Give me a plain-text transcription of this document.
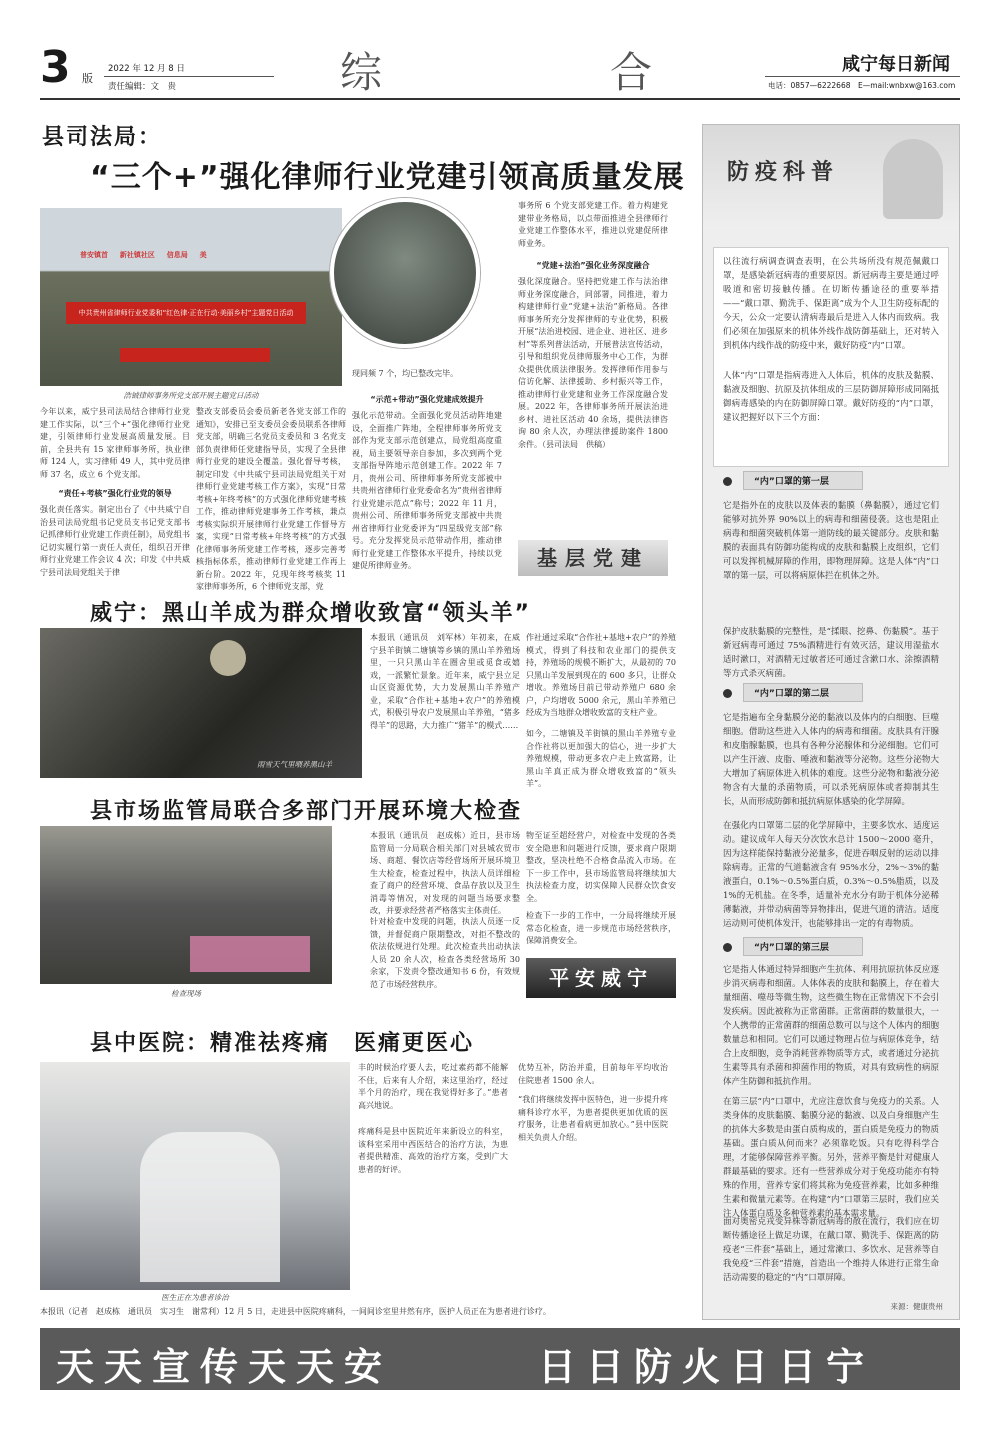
3 版
2022 年 12 月 8 日
责任编辑：文　贵	综	合	咸宁每日新闻
电话：0857—6222668　E—mail:wnbxw@163.com
县司法局：
“三个+”强化律师行业党建引领高质量发展
普安镇首 　 新社镇社区 　 信息局 　 美
中共贵州省律师行业党委和“红色律·正在行动·美丽乡村”主题党日活动
浩钺律师事务所党支部开展主题党日活动
今年以来，威宁县司法局结合律师行业党建工作实际，以“三个+”强化律师行业党建，引领律师行业发展高质量发展。目前，全县共有 15 家律师事务所，执业律师 124 人，实习律师 49 人，其中党员律师 37 名，成立 6 个党支部。
“责任+考核”强化行业党的领导
强化责任落实。制定出台了《中共威宁自治县司法局党组书记党员支书记党支部书记抓律师行业党建工作责任制》，局党组书记切实履行第一责任人责任，组织召开律师行业党建工作会议 4 次；印发《中共威宁县司法局党组关于律
整改支部委员会委员新老各党支部工作的通知》，安排已至支委员会委员联系各律师党支部，明确三名党员支委员和 3 名党支部负责律师任党建指导员，实现了全县律师行业党的建设全覆盖。强化督导考核，制定印发《中共威宁县司法局党组关于对律师行业党建考核工作方案》，实现“日常考核+年终考核”的方式强化律师党建考核工作，推动律师党建事务工作考核，兼点考核实际织开展律师行业党建工作督导方案，实现“日常考核+年终考核”的方式强化律师事务所党建工作考核，逐步完善考核指标体系，推动律师行业党建工作再上新台阶。2022 年，兑现年终考核奖 11 家律师事务所，6 个律师党支部，党
现同频 7 个，均已整改完毕。
“示范+带动”强化党建成效提升
强化示范带动。全面强化党员活动阵地建设，全面推广阵地，全程律师事务所党支部作为党支部示范创建点，局党组高度重视，局主要领导亲自参加，多次到两个党支部指导阵地示范创建工作。2022 年 7 月，贵州公司、所律师事务所党支部被中共贵州省律师行业党委命名为“贵州省律师行业党建示范点”称号；2022 年 11 月，贵州公司、所律师事务所党支部被中共贵州省律师行业党委评为“四星级党支部”称号。充分发挥党员示范带动作用，推动律师行业党建工作整体水平提升，持续以党建促所律师业务。
事务所 6 个党支部党建工作。着力构建党建带业务格局，以点带面推进全县律师行业党建工作整体水平，推进以党建促所律师业务。
“党建+法治”强化业务深度融合
强化深度融合。坚持把党建工作与法治律师业务深度融合，同部署，同推进，着力构建律师行业“党建+法治”新格局。各律师事务所充分发挥律师的专业优势，积极开展“法治进校园、进企业、进社区、进乡村”等系列普法活动，开展普法宣传活动，引导和组织党员律师服务中心工作，为群众提供优质法律服务。发挥律师作用参与信访化解、法律援助、乡村振兴等工作，推动律师行业党建和业务工作深度融合发展。2022 年，各律师事务所开展法治进乡村、进社区活动 40 余场，提供法律咨询 80 余人次，办理法律援助案件 1800 余件。（县司法局　供稿）
基层党建
威宁：黑山羊成为群众增收致富“领头羊”
雨雪天气里喂养黑山羊
本报讯（通讯员　刘军林）年初来，在威宁县羊街镇二塘镇等乡镇的黑山羊养殖场里，一只只黑山羊在圈舍里或觅食或嬉戏，一派繁忙景象。近年来，威宁县立足山区资源优势，大力发展黑山羊养殖产业，采取“合作社+基地+农户”的养殖模式，积极引导农户发展黑山羊养殖，“猪多得羊”的思路，大力推广“猪羊”的模式……
作社通过采取“合作社+基地+农户”的养殖模式，得到了科技和农业部门的提供支持，养殖场的规模不断扩大，从最初的 70 只黑山羊发展到现在的 600 多只，让群众增收。养殖场目前已带动养殖户 680 余户，户均增收 5000 余元，黑山羊养殖已经成为当地群众增收致富的支柱产业。
如今，二塘镇及羊街镇的黑山羊养殖专业合作社将以更加强大的信心，进一步扩大养殖规模，带动更多农户走上致富路，让黑山羊真正成为群众增收致富的“领头羊”。
县市场监管局联合多部门开展环境大检查
检查现场
本报讯（通讯员　赵成栋）近日，县市场监管局一分局联合相关部门对县城农贸市场、商超、餐饮店等经营场所开展环境卫生大检查，检查过程中，执法人员详细检查了商户的经营环境、食品存放以及卫生消毒等情况，对发现的问题当场要求整改，并要求经营者严格落实主体责任。
针对检查中发现的问题，执法人员逐一反馈，并督促商户限期整改，对拒不整改的依法依规进行处理。此次检查共出动执法人员 20 余人次，检查各类经营场所 30 余家，下发责令整改通知书 6 份，有效规范了市场经营秩序。
物至证至超经营户，对检查中发现的各类安全隐患和问题进行反馈，要求商户限期整改，坚决杜绝不合格食品流入市场。在下一步工作中，县市场监管局将继续加大执法检查力度，切实保障人民群众饮食安全。
检查下一步的工作中，一分局将继续开展常态化检查，进一步规范市场经营秩序，保障消费安全。
平安威宁
县中医院：精准祛疼痛　医痛更医心
医生正在为患者诊治
本报讯（记者　赵成栋　通讯员　实习生　谢常利）12 月 5 日，走进县中医院疼痛科，一间间诊室里井然有序，医护人员正在为患者进行诊疗。
丰的时候治疗要人去，吃过素药都不能解不住，后来有人介绍，来这里治疗，经过半个月的治疗，现在我觉得好多了。”患者高兴地说。
疼痛科是县中医院近年来新设立的科室，该科室采用中西医结合的治疗方法，为患者提供精准、高效的治疗方案，受到广大患者的好评。
优势互补，防治并重，目前每年平均收治住院患者 1500 余人。
“我们将继续发挥中医特色，进一步提升疼痛科诊疗水平，为患者提供更加优质的医疗服务，让患者看病更加放心。”县中医院相关负责人介绍。
防疫科普
以往流行病调查调查表明，在公共场所没有规范佩戴口罩，是感染新冠病毒的重要原因。新冠病毒主要是通过呼吸道和密切接触传播。在切断传播途径的重要举措——“戴口罩、勤洗手、保距离”成为个人卫生防疫标配的今天，公众一定要认清病毒最后是进入人体内而致病。我们必须在加强原来的机体外线作战防御基础上，还对转入到机体内线作战的防疫中来，戴好防疫“内”口罩。
人体“内”口罩是指病毒进入人体后，机体的皮肤及黏膜、黏液及细胞、抗原及抗体组成的三层防御屏障形成同隔抵御病毒感染的内在防御屏障口罩。戴好防疫的“内”口罩，建议把握好以下三个方面：
“内”口罩的第一层
它是指外在的皮肤以及体表的黏膜（鼻黏膜），通过它们能够对抗外界 90%以上的病毒和细菌侵袭。这也是阻止病毒和细菌突破机体第一道防线的最关键部分。皮肤和黏膜的表面具有防御功能构成的皮肤和黏膜上皮组织，它们可以发挥机械屏障的作用，即物理屏障。这是人体“内”口罩的第一层，可以将病原体拦在机体之外。
保护皮肤黏膜的完整性，是“揉眼、挖鼻、伤黏膜”。基于新冠病毒可通过 75%酒精进行有效灭活，建议用湿盐水适时漱口，对酒精无过敏者还可通过含漱口水、涂擦酒精等方式杀灭病菌。
“内”口罩的第二层
它是指遍布全身黏膜分泌的黏液以及体内的白细胞、巨噬细胞。借助这些进入人体内的病毒和细菌。皮肤具有汗腺和皮脂腺黏膜，也具有各种分泌腺体和分泌细胞。它们可以产生汗液、皮脂、唾液和黏液等分泌物。这些分泌物大大增加了病原体进入机体的难度。这些分泌物和黏液分泌物含有大量的杀菌物质，可以杀死病原体或者抑制其生长，从而形成防御和抵抗病原体感染的化学屏障。
在强化内口罩第二层的化学屏障中，主要多饮水、适度运动。建议成年人每天分次饮水总计 1500～2000 毫升，因为这样能保持黏液分泌量多，促进吞咽反射的运动以排除病毒。正常的气道黏液含有 95%水分，2%～3%的黏液蛋白，0.1%～0.5%蛋白质，0.3%～0.5%脂质，以及 1%的无机盐。在冬季，适量补充水分有助于机体分泌稀薄黏液，并带动病菌等异物排出，促进气道的清洁。适度运动则可使机体发汗，也能够排出一定的有毒物质。
“内”口罩的第三层
它是指人体通过特异细胞产生抗体、利用抗原抗体反应逐步消灭病毒和细菌。人体体表的皮肤和黏膜上，存在着大量细菌、噬母等微生物，这些微生物在正常情况下不会引发疾病。因此被称为正常菌群。正常菌群的数量很大，一个人携带的正常菌群的细菌总数可以与这个人体内的细胞数量总和相同。它们可以通过物理占位与病原体竞争，结合上皮细胞，竞争消耗营养物质等方式，或者通过分泌抗生素等具有杀菌和抑菌作用的物质，对具有致病性的病原体产生防御和抵抗作用。
在第三层“内”口罩中，尤应注意饮食与免疫力的关系。人类身体的皮肤黏膜、黏膜分泌的黏液、以及白身细胞产生的抗体大多数是由蛋白质构成的，蛋白质是免疫力的物质基础。蛋白质从何而来？必须靠吃饭。只有吃得科学合理，才能够保障营养平衡。另外，营养平衡是针对健康人群最基础的要求。还有一些营养成分对于免疫功能亦有特殊的作用，营养专家们将其称为免疫营养素，比如多种维生素和微量元素等。在构建“内”口罩第三层时，我们应关注人体蛋白质及多种营养素的基本需求量。
面对奥密克戎变异株等新冠病毒的散在流行，我们应在切断传播途径上做足功课，在戴口罩、勤洗手、保距离的防疫老“三件套”基础上，通过常漱口、多饮水、足营养等自我免疫“三件套”措施，首造出一个维持人体进行正常生命活动需要的稳定的“内”口罩屏障。
来源：健康贵州
天天宣传天天安	日日防火日日宁
